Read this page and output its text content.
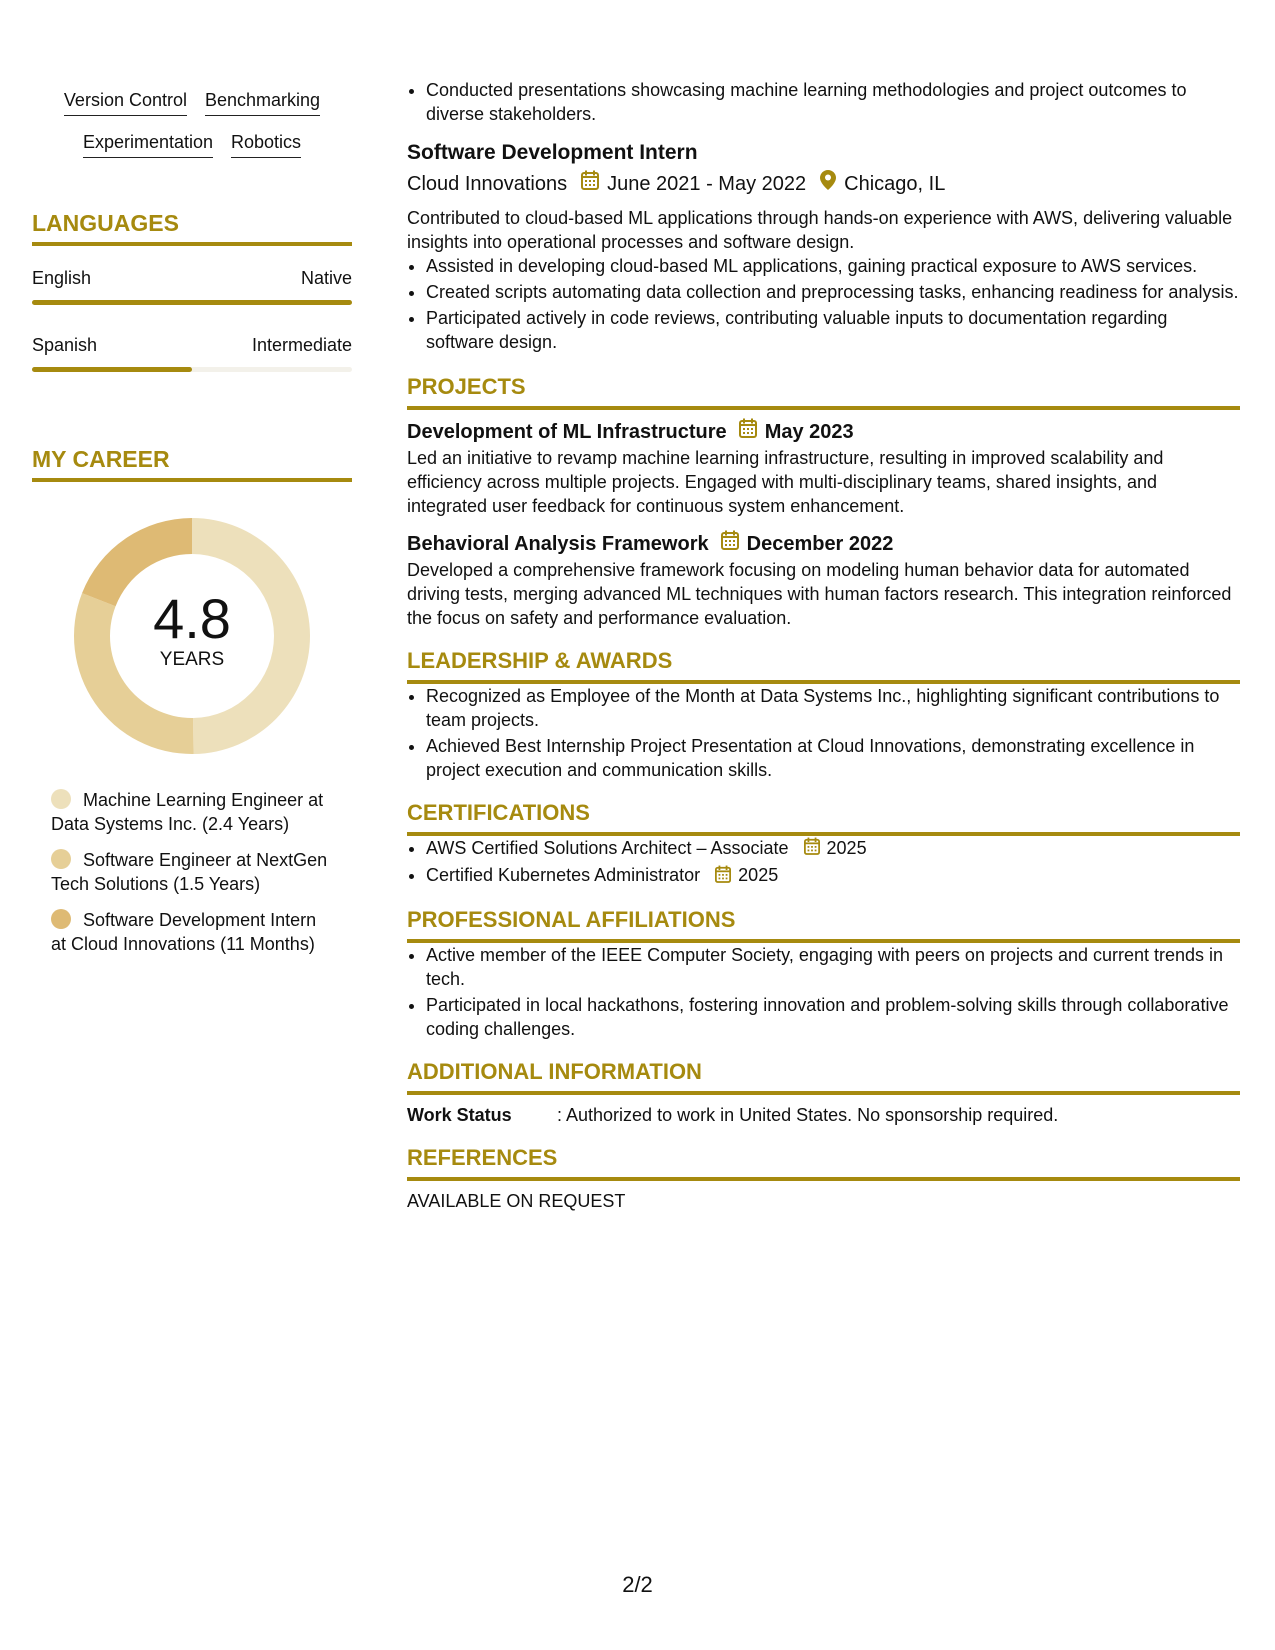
Version Control Benchmarking
Experimentation Robotics
LANGUAGES
English	Native
Spanish	Intermediate
MY CAREER
4.8
YEARS
Machine Learning Engineer at Data Systems Inc. (2.4 Years)
Software Engineer at NextGen Tech Solutions (1.5 Years)
Software Development Intern at Cloud Innovations (11 Months)
• Conducted presentations showcasing machine learning methodologies and project outcomes to diverse stakeholders.
Software Development Intern
Cloud Innovations June 2021 - May 2022 Chicago, IL
Contributed to cloud-based ML applications through hands-on experience with AWS, delivering valuable insights into operational processes and software design.
• Assisted in developing cloud-based ML applications, gaining practical exposure to AWS services.
• Created scripts automating data collection and preprocessing tasks, enhancing readiness for analysis.
• Participated actively in code reviews, contributing valuable inputs to documentation regarding software design.
PROJECTS
Development of ML Infrastructure May 2023
Led an initiative to revamp machine learning infrastructure, resulting in improved scalability and efficiency across multiple projects. Engaged with multi-disciplinary teams, shared insights, and integrated user feedback for continuous system enhancement.
Behavioral Analysis Framework December 2022
Developed a comprehensive framework focusing on modeling human behavior data for automated driving tests, merging advanced ML techniques with human factors research. This integration reinforced the focus on safety and performance evaluation.
LEADERSHIP & AWARDS
• Recognized as Employee of the Month at Data Systems Inc., highlighting significant contributions to team projects.
• Achieved Best Internship Project Presentation at Cloud Innovations, demonstrating excellence in project execution and communication skills.
CERTIFICATIONS
• AWS Certified Solutions Architect – Associate 2025
• Certified Kubernetes Administrator 2025
PROFESSIONAL AFFILIATIONS
• Active member of the IEEE Computer Society, engaging with peers on projects and current trends in tech.
• Participated in local hackathons, fostering innovation and problem-solving skills through collaborative coding challenges.
ADDITIONAL INFORMATION
Work Status	: Authorized to work in United States. No sponsorship required.
REFERENCES
AVAILABLE ON REQUEST
2/2
